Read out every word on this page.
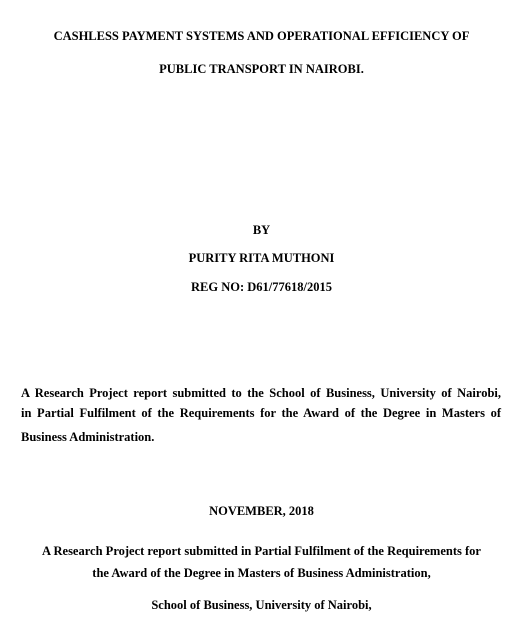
CASHLESS PAYMENT SYSTEMS AND OPERATIONAL EFFICIENCY OF
PUBLIC TRANSPORT IN NAIROBI.
BY
PURITY RITA MUTHONI
REG NO: D61/77618/2015
A Research Project report submitted to the School of Business, University of Nairobi,
in Partial Fulfilment of the Requirements for the Award of the Degree in Masters of
Business Administration.
NOVEMBER, 2018
A Research Project report submitted in Partial Fulfilment of the Requirements for
the Award of the Degree in Masters of Business Administration,
School of Business, University of Nairobi,
